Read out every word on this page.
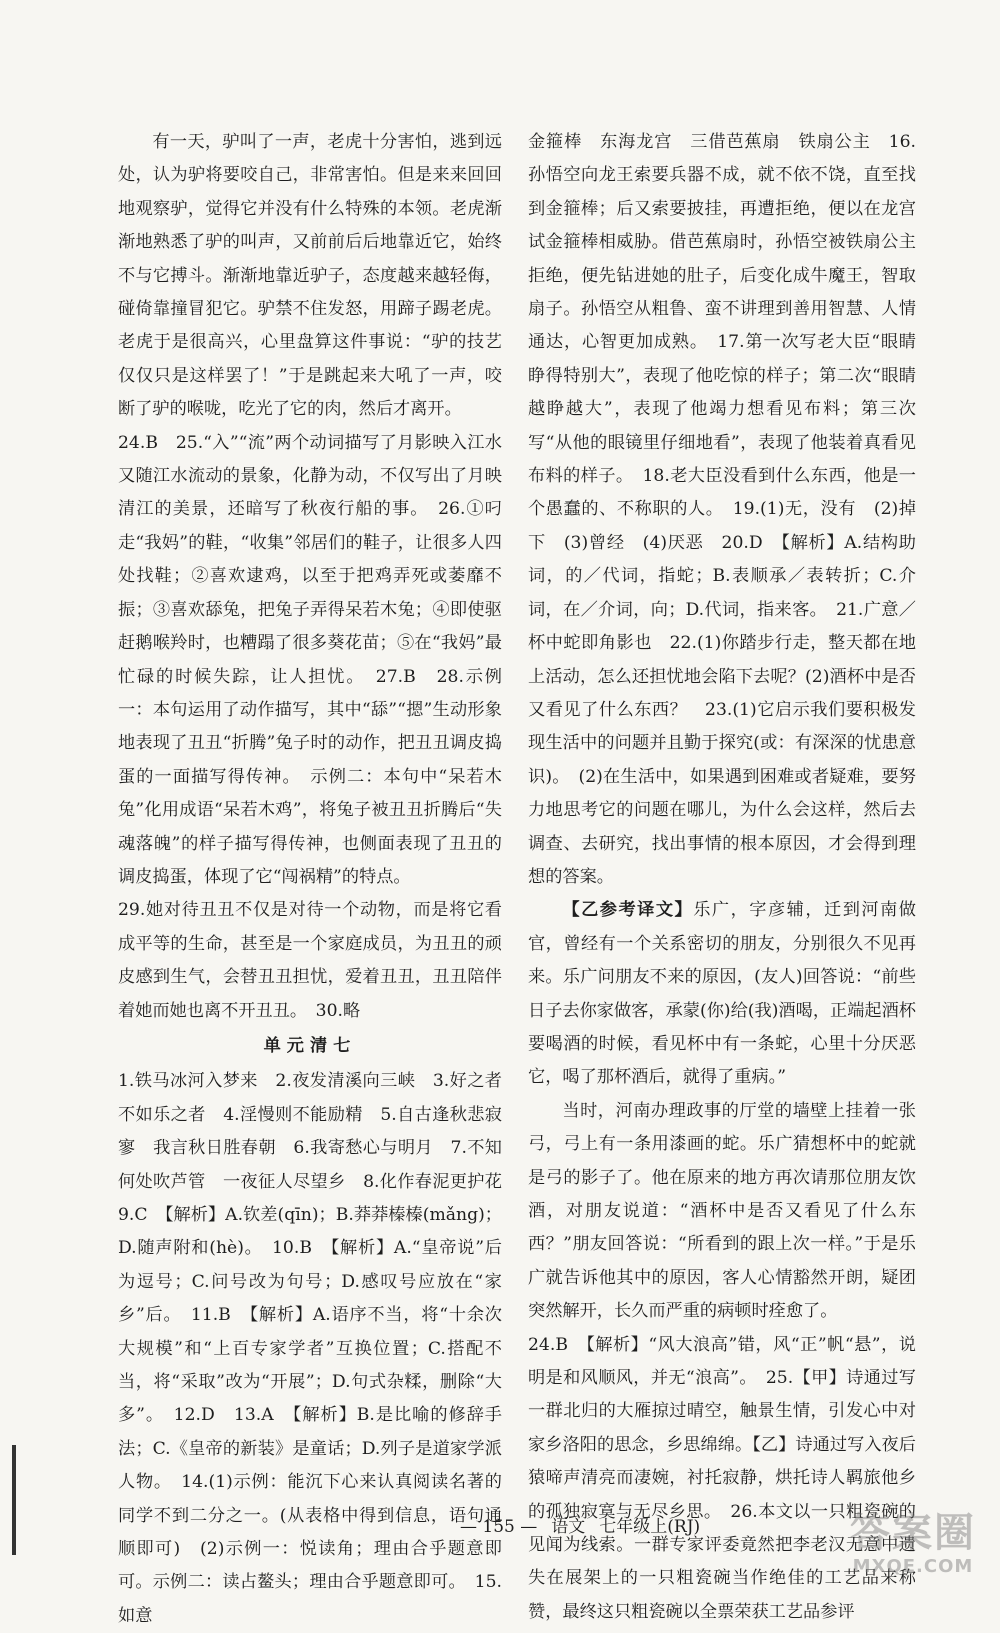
有一天，驴叫了一声，老虎十分害怕，逃到远处，认为驴将要咬自己，非常害怕。但是来来回回地观察驴，觉得它并没有什么特殊的本领。老虎渐渐地熟悉了驴的叫声，又前前后后地靠近它，始终不与它搏斗。渐渐地靠近驴子，态度越来越轻侮，碰倚靠撞冒犯它。驴禁不住发怒，用蹄子踢老虎。老虎于是很高兴，心里盘算这件事说：“驴的技艺仅仅只是这样罢了！”于是跳起来大吼了一声，咬断了驴的喉咙，吃光了它的肉，然后才离开。

24.B　25.“入”“流”两个动词描写了月影映入江水又随江水流动的景象，化静为动，不仅写出了月映清江的美景，还暗写了秋夜行船的事。　26.①叼走“我妈”的鞋，“收集”邻居们的鞋子，让很多人四处找鞋；②喜欢逮鸡，以至于把鸡弄死或萎靡不振；③喜欢舔兔，把兔子弄得呆若木兔；④即使驱赶鹅喉羚时，也糟蹋了很多葵花苗；⑤在“我妈”最忙碌的时候失踪，让人担忧。　27.B　28.示例一：本句运用了动作描写，其中“舔”“摁”生动形象地表现了丑丑“折腾”兔子时的动作，把丑丑调皮捣蛋的一面描写得传神。　示例二：本句中“呆若木兔”化用成语“呆若木鸡”，将兔子被丑丑折腾后“失魂落魄”的样子描写得传神，也侧面表现了丑丑的调皮捣蛋，体现了它“闯祸精”的特点。

29.她对待丑丑不仅是对待一个动物，而是将它看成平等的生命，甚至是一个家庭成员，为丑丑的顽皮感到生气，会替丑丑担忧，爱着丑丑，丑丑陪伴着她而她也离不开丑丑。　30.略

单元清七

1.铁马冰河入梦来　2.夜发清溪向三峡　3.好之者不如乐之者　4.淫慢则不能励精　5.自古逢秋悲寂寥　我言秋日胜春朝　6.我寄愁心与明月　7.不知何处吹芦管　一夜征人尽望乡　8.化作春泥更护花　9.C　【解析】A.钦差(qīn)；B.莽莽榛榛(mǎng)；D.随声附和(hè)。　10.B　【解析】A.“皇帝说”后为逗号；C.问号改为句号；D.感叹号应放在“家乡”后。　11.B　【解析】A.语序不当，将“十余次大规模”和“上百专家学者”互换位置；C.搭配不当，将“采取”改为“开展”；D.句式杂糅，删除“大多”。　12.D　13.A　【解析】B.是比喻的修辞手法；C.《皇帝的新装》是童话；D.列子是道家学派人物。　14.(1)示例：能沉下心来认真阅读名著的同学不到二分之一。(从表格中得到信息，语句通顺即可)　(2)示例一：悦读角；理由合乎题意即可。示例二：读占鳌头；理由合乎题意即可。　15.如意

金箍棒　东海龙宫　三借芭蕉扇　铁扇公主　16.孙悟空向龙王索要兵器不成，就不依不饶，直至找到金箍棒；后又索要披挂，再遭拒绝，便以在龙宫试金箍棒相威胁。借芭蕉扇时，孙悟空被铁扇公主拒绝，便先钻进她的肚子，后变化成牛魔王，智取扇子。孙悟空从粗鲁、蛮不讲理到善用智慧、人情通达，心智更加成熟。　17.第一次写老大臣“眼睛睁得特别大”，表现了他吃惊的样子；第二次“眼睛越睁越大”，表现了他竭力想看见布料；第三次写“从他的眼镜里仔细地看”，表现了他装着真看见布料的样子。　18.老大臣没看到什么东西，他是一个愚蠢的、不称职的人。　19.(1)无，没有　(2)掉下　(3)曾经　(4)厌恶　20.D　【解析】A.结构助词，的／代词，指蛇；B.表顺承／表转折；C.介词，在／介词，向；D.代词，指来客。　21.广意／杯中蛇即角影也　22.(1)你踏步行走，整天都在地上活动，怎么还担忧地会陷下去呢？(2)酒杯中是否又看见了什么东西？　23.(1)它启示我们要积极发现生活中的问题并且勤于探究(或：有深深的忧患意识)。　(2)在生活中，如果遇到困难或者疑难，要努力地思考它的问题在哪儿，为什么会这样，然后去调查、去研究，找出事情的根本原因，才会得到理想的答案。

【乙参考译文】乐广，字彦辅，迁到河南做官，曾经有一个关系密切的朋友，分别很久不见再来。乐广问朋友不来的原因，(友人)回答说：“前些日子去你家做客，承蒙(你)给(我)酒喝，正端起酒杯要喝酒的时候，看见杯中有一条蛇，心里十分厌恶它，喝了那杯酒后，就得了重病。”

当时，河南办理政事的厅堂的墙壁上挂着一张弓，弓上有一条用漆画的蛇。乐广猜想杯中的蛇就是弓的影子了。他在原来的地方再次请那位朋友饮酒，对朋友说道：“酒杯中是否又看见了什么东西？”朋友回答说：“所看到的跟上次一样。”于是乐广就告诉他其中的原因，客人心情豁然开朗，疑团突然解开，长久而严重的病顿时痊愈了。

24.B　【解析】“风大浪高”错，风“正”帆“悬”，说明是和风顺风，并无“浪高”。　25.【甲】诗通过写一群北归的大雁掠过晴空，触景生情，引发心中对家乡洛阳的思念，乡思绵绵。【乙】诗通过写入夜后猿啼声清亮而凄婉，衬托寂静，烘托诗人羁旅他乡的孤独寂寞与无尽乡思。　26.本文以一只粗瓷碗的见闻为线索。一群专家评委竟然把李老汉无意中遗失在展架上的一只粗瓷碗当作绝佳的工艺品来称赞，最终这只粗瓷碗以全票荣获工艺品参评

— 155 — 语文 七年级上(RJ)	答案圈
MXQE.COM
